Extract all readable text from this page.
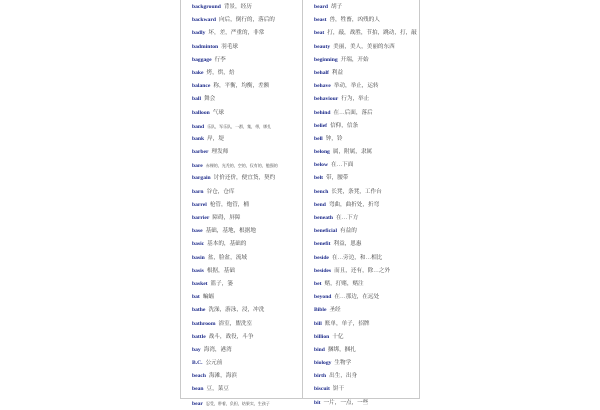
background 背景，经历
backward 向后，倒行的，落后的
badly 坏，差，严重的，非常
badminton 羽毛球
baggage 行李
bake 烤，烘，焙
balance 称，平衡，均衡，差额
ball 舞会
balloon 气球
band 乐队，军乐队，一群，集，带，绑扎
bank 岸，堤
barber 理发师
bare 赤裸的，光秃的，空的，仅有的，勉强的
bargain 讨价还价，便宜货，契约
barn 谷仓，仓库
barrel 枪管，炮管，桶
barrier 障碍，屏障
base 基础，基地，根据地
basic 基本的，基础的
basin 盆，脸盆，流域
basis 根据，基础
basket 篮子，篓
bat 蝙蝠
bathe 洗澡，游泳，浸，冲洗
bathroom 浴室，盥洗室
battle 战斗，战役，斗争
bay 海湾，港湾
B.C. 公元前
beach 海滩，海滨
bean 豆，菜豆
bear 忍受，带着，负担，结果实，生孩子
beard 胡子
beast 兽，牲畜，凶残的人
beat 打，敲，战胜，节拍，跳动，打，敲
beauty 美丽，美人，美丽的东西
beginning 开端，开始
behalf 利益
behave 举动，举止，运转
behaviour 行为，举止
behind 在…后面，落后
belief 信仰，信条
bell 钟，铃
belong 属，附属，隶属
below 在…下面
belt 带，腰带
bench 长凳，条凳，工作台
bend 弯曲，曲折处，折弯
beneath 在…下方
beneficial 有益的
benefit 利益，恩惠
beside 在…旁边，和…相比
besides 而且，还有，除…之外
bet 赌，打赌，赌注
beyond 在…那边，在远处
Bible 圣经
bill 账单，单子，招牌
billion 十亿
bind 捆绑，捆扎
biology 生物学
birth 出生，出身
biscuit 饼干
bit 一片，一点，一些
